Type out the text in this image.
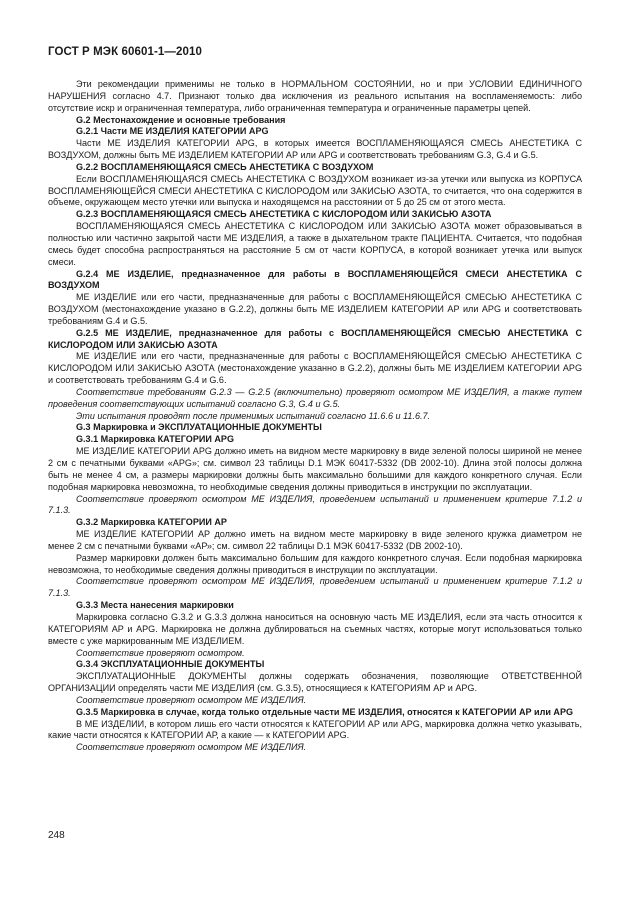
ГОСТ Р МЭК 60601-1—2010

Эти рекомендации применимы не только в НОРМАЛЬНОМ СОСТОЯНИИ, но и при УСЛОВИИ ЕДИНИЧНОГО НАРУШЕНИЯ согласно 4.7. Признают только два исключения из реального испытания на воспламеняемость: либо отсутствие искр и ограниченная температура, либо ограниченная температура и ограниченные параметры цепей.

G.2 Местонахождение и основные требования

G.2.1 Части МЕ ИЗДЕЛИЯ КАТЕГОРИИ APG

Части МЕ ИЗДЕЛИЯ КАТЕГОРИИ APG, в которых имеется ВОСПЛАМЕНЯЮЩАЯСЯ СМЕСЬ АНЕСТЕТИКА С ВОЗДУХОМ, должны быть МЕ ИЗДЕЛИЕМ КАТЕГОРИИ АР или APG и соответствовать требованиям G.3, G.4 и G.5.

G.2.2 ВОСПЛАМЕНЯЮЩАЯСЯ СМЕСЬ АНЕСТЕТИКА С ВОЗДУХОМ

Если ВОСПЛАМЕНЯЮЩАЯСЯ СМЕСЬ АНЕСТЕТИКА С ВОЗДУХОМ возникает из-за утечки или выпуска из КОРПУСА ВОСПЛАМЕНЯЮЩЕЙСЯ СМЕСИ АНЕСТЕТИКА С КИСЛОРОДОМ или ЗАКИСЬЮ АЗОТА, то считается, что она содержится в объеме, окружающем место утечки или выпуска и находящемся на расстоянии от 5 до 25 см от этого места.

G.2.3 ВОСПЛАМЕНЯЮЩАЯСЯ СМЕСЬ АНЕСТЕТИКА С КИСЛОРОДОМ ИЛИ ЗАКИСЬЮ АЗОТА

ВОСПЛАМЕНЯЮЩАЯСЯ СМЕСЬ АНЕСТЕТИКА С КИСЛОРОДОМ ИЛИ ЗАКИСЬЮ АЗОТА может образовываться в полностью или частично закрытой части МЕ ИЗДЕЛИЯ, а также в дыхательном тракте ПАЦИЕНТА. Считается, что подобная смесь будет способна распространяться на расстояние 5 см от части КОРПУСА, в которой возникает утечка или выпуск смеси.

G.2.4 МЕ ИЗДЕЛИЕ, предназначенное для работы в ВОСПЛАМЕНЯЮЩЕЙСЯ СМЕСИ АНЕСТЕТИКА С ВОЗДУХОМ

МЕ ИЗДЕЛИЕ или его части, предназначенные для работы с ВОСПЛАМЕНЯЮЩЕЙСЯ СМЕСЬЮ АНЕСТЕТИКА С ВОЗДУХОМ (местонахождение указано в G.2.2), должны быть МЕ ИЗДЕЛИЕМ КАТЕГОРИИ АР или APG и соответствовать требованиям G.4 и G.5.

G.2.5 МЕ ИЗДЕЛИЕ, предназначенное для работы с ВОСПЛАМЕНЯЮЩЕЙСЯ СМЕСЬЮ АНЕСТЕТИКА С КИСЛОРОДОМ ИЛИ ЗАКИСЬЮ АЗОТА

МЕ ИЗДЕЛИЕ или его части, предназначенные для работы с ВОСПЛАМЕНЯЮЩЕЙСЯ СМЕСЬЮ АНЕСТЕТИКА С КИСЛОРОДОМ ИЛИ ЗАКИСЬЮ АЗОТА (местонахождение указанно в G.2.2), должны быть МЕ ИЗДЕЛИЕМ КАТЕГОРИИ APG и соответствовать требованиям G.4 и G.6.

Соответствие требованиям G.2.3 — G.2.5 (включительно) проверяют осмотром МЕ ИЗДЕЛИЯ, а также путем проведения соответствующих испытаний согласно G.3, G.4 и G.5.

Эти испытания проводят после применимых испытаний согласно 11.6.6 и 11.6.7.

G.3 Маркировка и ЭКСПЛУАТАЦИОННЫЕ ДОКУМЕНТЫ

G.3.1 Маркировка КАТЕГОРИИ APG

МЕ ИЗДЕЛИЕ КАТЕГОРИИ APG должно иметь на видном месте маркировку в виде зеленой полосы шириной не менее 2 см с печатными буквами «APG»; см. символ 23 таблицы D.1 МЭК 60417-5332 (DB 2002-10). Длина этой полосы должна быть не менее 4 см, а размеры маркировки должны быть максимально большими для каждого конкретного случая. Если подобная маркировка невозможна, то необходимые сведения должны приводиться в инструкции по эксплуатации.

Соответствие проверяют осмотром МЕ ИЗДЕЛИЯ, проведением испытаний и применением критерие 7.1.2 и 7.1.3.

G.3.2 Маркировка КАТЕГОРИИ АР

МЕ ИЗДЕЛИЕ КАТЕГОРИИ АР должно иметь на видном месте маркировку в виде зеленого кружка диаметром не менее 2 см с печатными буквами «АР»; см. символ 22 таблицы D.1 МЭК 60417-5332 (DB 2002-10).

Размер маркировки должен быть максимально большим для каждого конкретного случая. Если подобная маркировка невозможна, то необходимые сведения должны приводиться в инструкции по эксплуатации.

Соответствие проверяют осмотром МЕ ИЗДЕЛИЯ, проведением испытаний и применением критерие 7.1.2 и 7.1.3.

G.3.3 Места нанесения маркировки

Маркировка согласно G.3.2 и G.3.3 должна наноситься на основную часть МЕ ИЗДЕЛИЯ, если эта часть относится к КАТЕГОРИЯМ АР и APG. Маркировка не должна дублироваться на съемных частях, которые могут использоваться только вместе с уже маркированным МЕ ИЗДЕЛИЕМ.

Соответствие проверяют осмотром.

G.3.4 ЭКСПЛУАТАЦИОННЫЕ ДОКУМЕНТЫ

ЭКСПЛУАТАЦИОННЫЕ ДОКУМЕНТЫ должны содержать обозначения, позволяющие ОТВЕТСТВЕННОЙ ОРГАНИЗАЦИИ определять части МЕ ИЗДЕЛИЯ (см. G.3.5), относящиеся к КАТЕГОРИЯМ АР и APG.

Соответствие проверяют осмотром МЕ ИЗДЕЛИЯ.

G.3.5 Маркировка в случае, когда только отдельные части МЕ ИЗДЕЛИЯ, относятся к КАТЕГОРИИ АР или APG

В МЕ ИЗДЕЛИИ, в котором лишь его части относятся к КАТЕГОРИИ АР или APG, маркировка должна четко указывать, какие части относятся к КАТЕГОРИИ АР, а какие — к КАТЕГОРИИ APG.

Соответствие проверяют осмотром МЕ ИЗДЕЛИЯ.

248
